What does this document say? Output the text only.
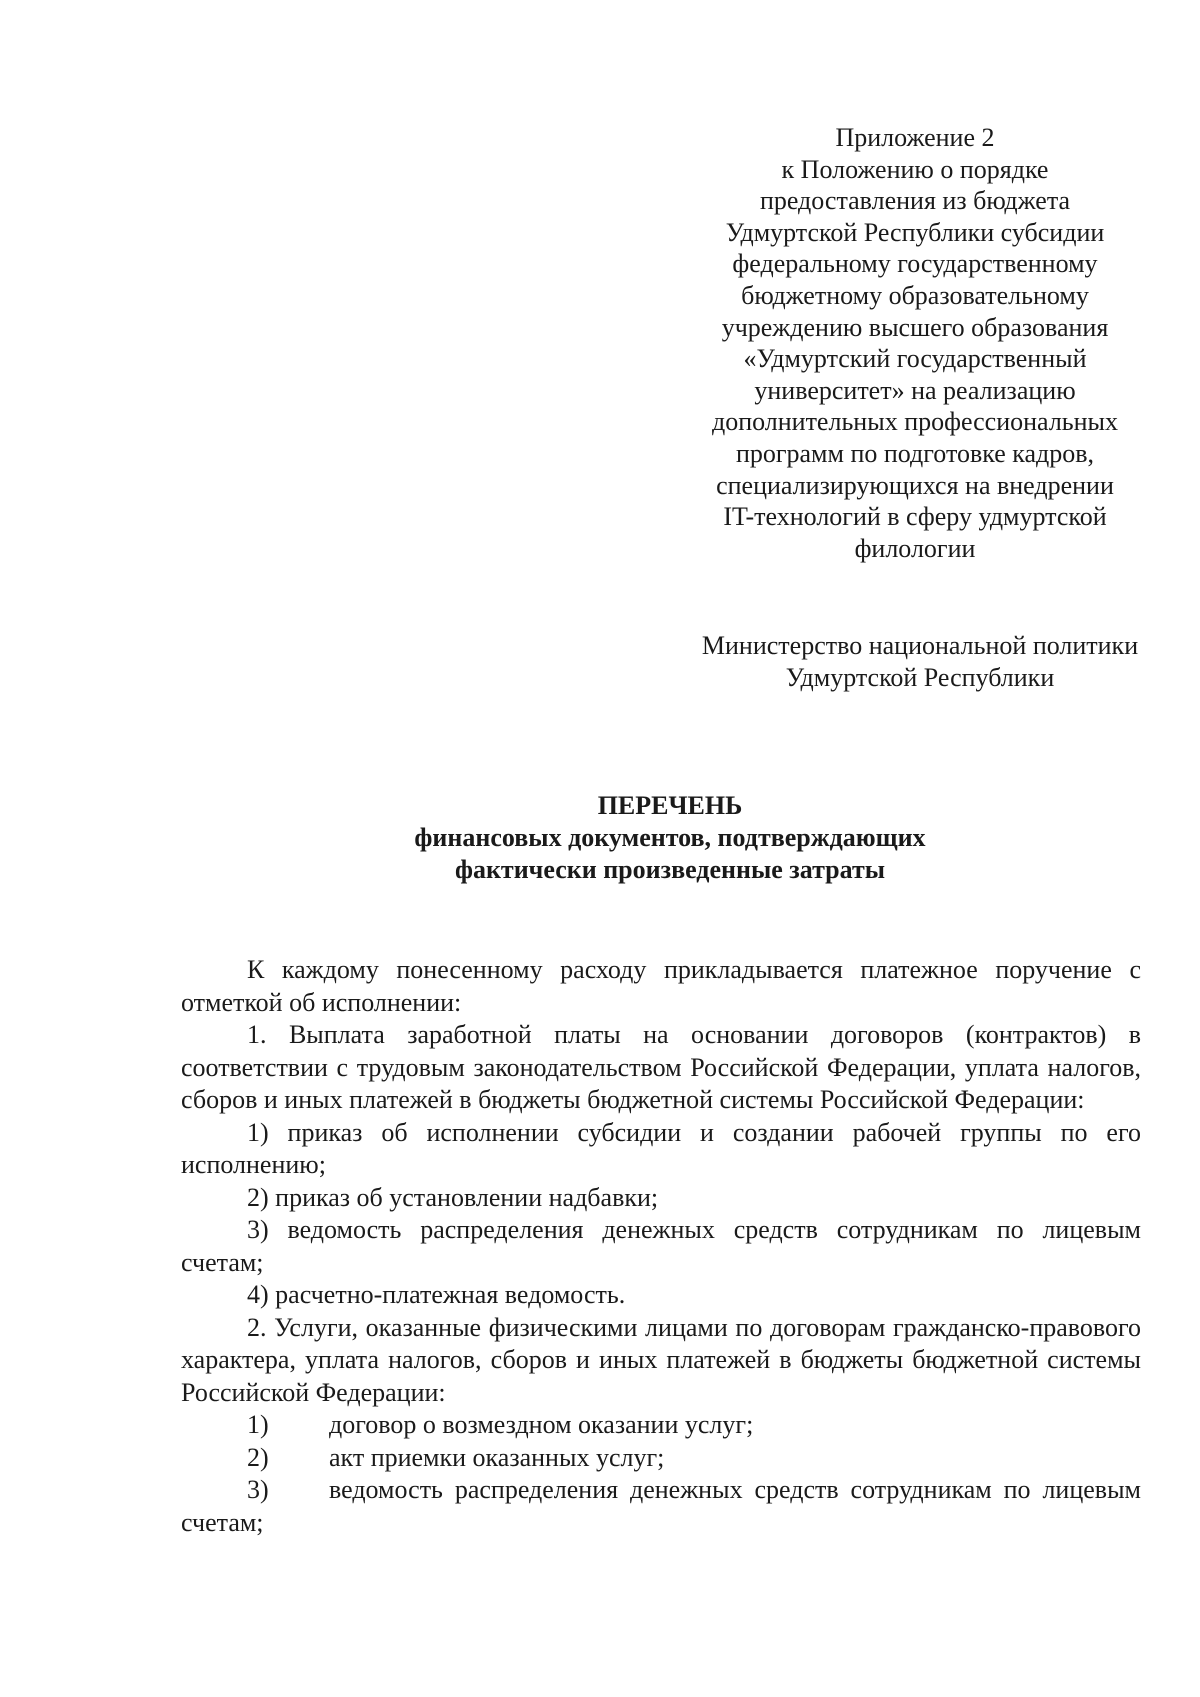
Приложение 2
к Положению о порядке
предоставления из бюджета
Удмуртской Республики субсидии
федеральному государственному
бюджетному образовательному
учреждению высшего образования
«Удмуртский государственный
университет» на реализацию
дополнительных профессиональных
программ по подготовке кадров,
специализирующихся на внедрении
IT-технологий в сферу удмуртской
филологии
Министерство национальной политики
Удмуртской Республики
ПЕРЕЧЕНЬ
финансовых документов, подтверждающих
фактически произведенные затраты

К каждому понесенному расходу прикладывается платежное поручение с отметкой об исполнении:

1. Выплата заработной платы на основании договоров (контрактов) в соответствии с трудовым законодательством Российской Федерации, уплата налогов, сборов и иных платежей в бюджеты бюджетной системы Российской Федерации:

1) приказ об исполнении субсидии и создании рабочей группы по его исполнению;

2) приказ об установлении надбавки;

3) ведомость распределения денежных средств сотрудникам по лицевым счетам;

4) расчетно-платежная ведомость.

2. Услуги, оказанные физическими лицами по договорам гражданско-правового характера, уплата налогов, сборов и иных платежей в бюджеты бюджетной системы Российской Федерации:

1) договор о возмездном оказании услуг;

2) акт приемки оказанных услуг;

3) ведомость распределения денежных средств сотрудникам по лицевым счетам;
